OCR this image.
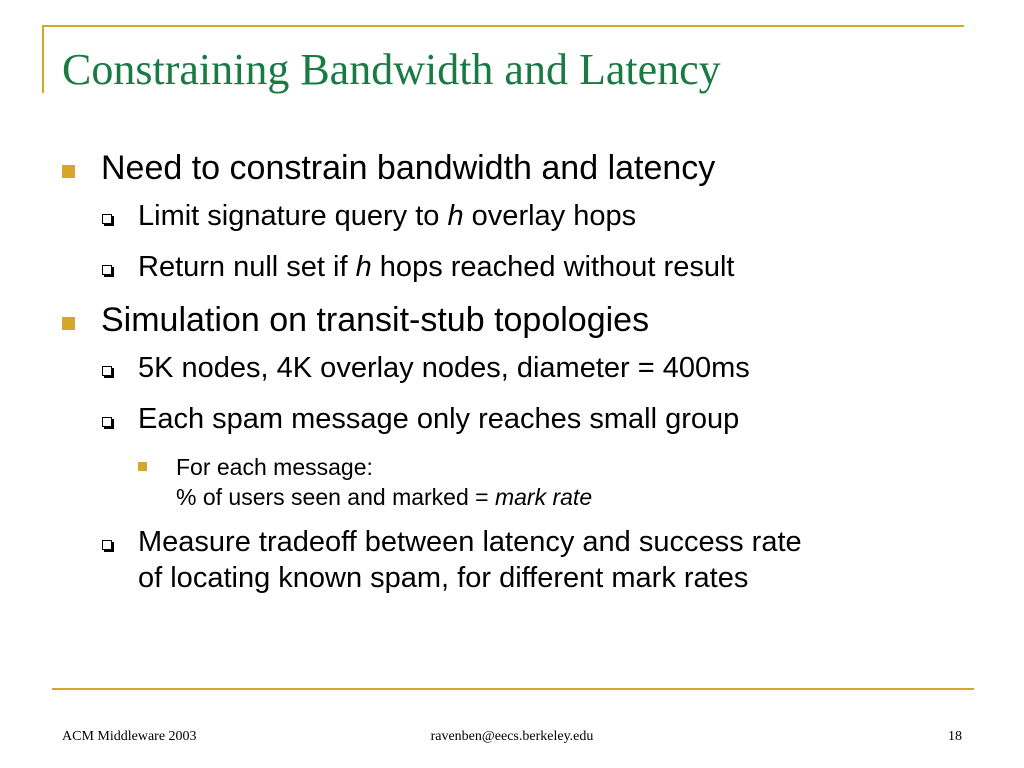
Constraining Bandwidth and Latency
Need to constrain bandwidth and latency
Limit signature query to h overlay hops
Return null set if h hops reached without result
Simulation on transit-stub topologies
5K nodes, 4K overlay nodes, diameter = 400ms
Each spam message only reaches small group
For each message:
% of users seen and marked = mark rate
Measure tradeoff between latency and success rate
of locating known spam, for different mark rates
ACM Middleware 2003	ravenben@eecs.berkeley.edu	18
